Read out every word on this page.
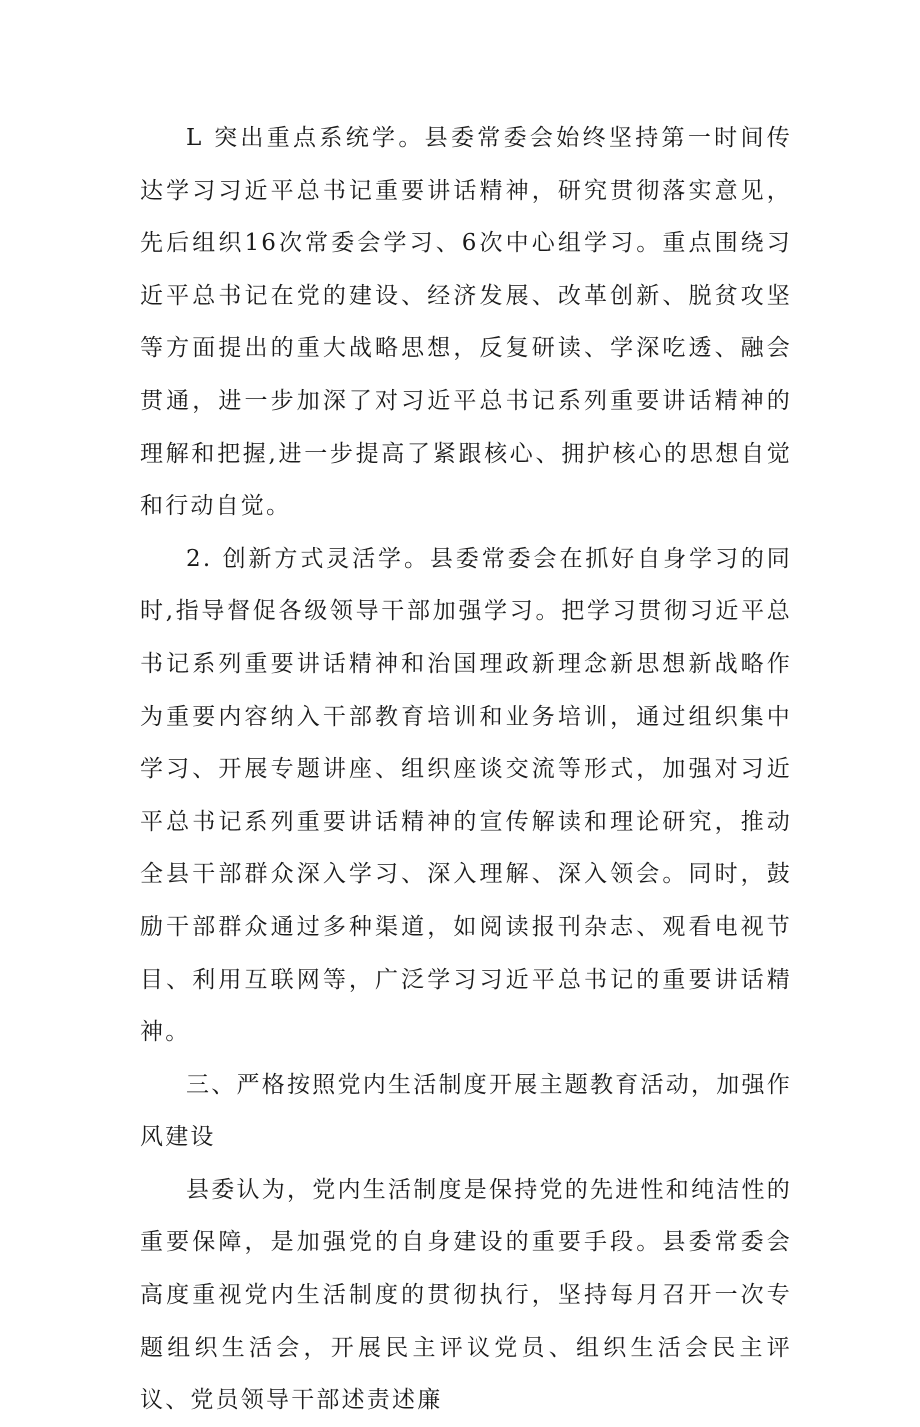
L 突出重点系统学。县委常委会始终坚持第一时间传达学习习近平总书记重要讲话精神，研究贯彻落实意见，先后组织16次常委会学习、6次中心组学习。重点围绕习近平总书记在党的建设、经济发展、改革创新、脱贫攻坚等方面提出的重大战略思想，反复研读、学深吃透、融会贯通，进一步加深了对习近平总书记系列重要讲话精神的理解和把握,进一步提高了紧跟核心、拥护核心的思想自觉和行动自觉。

2. 创新方式灵活学。县委常委会在抓好自身学习的同时,指导督促各级领导干部加强学习。把学习贯彻习近平总书记系列重要讲话精神和治国理政新理念新思想新战略作为重要内容纳入干部教育培训和业务培训，通过组织集中学习、开展专题讲座、组织座谈交流等形式，加强对习近平总书记系列重要讲话精神的宣传解读和理论研究，推动全县干部群众深入学习、深入理解、深入领会。同时，鼓励干部群众通过多种渠道，如阅读报刊杂志、观看电视节目、利用互联网等，广泛学习习近平总书记的重要讲话精神。

三、严格按照党内生活制度开展主题教育活动，加强作风建设

县委认为，党内生活制度是保持党的先进性和纯洁性的重要保障，是加强党的自身建设的重要手段。县委常委会高度重视党内生活制度的贯彻执行，坚持每月召开一次专题组织生活会，开展民主评议党员、组织生活会民主评议、党员领导干部述责述廉
